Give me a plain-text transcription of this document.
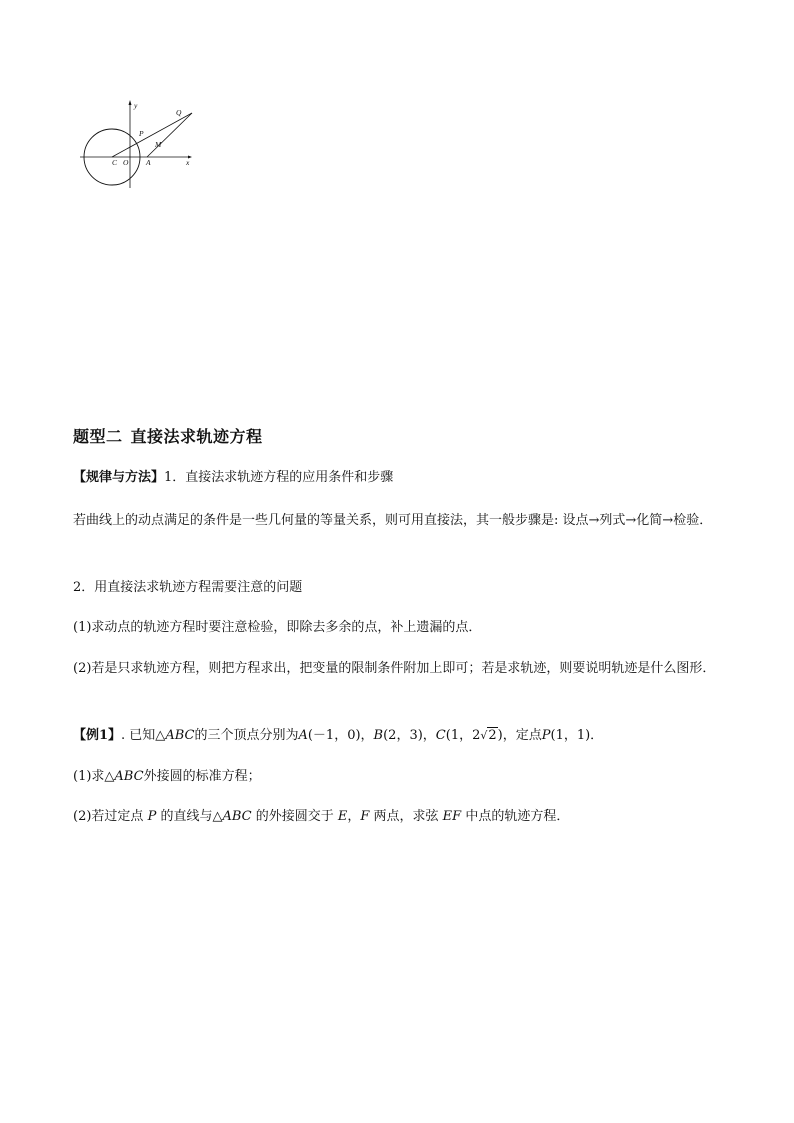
y
x
Q
P
M
C O A
题型二 直接法求轨迹方程
【规律与方法】1．直接法求轨迹方程的应用条件和步骤
若曲线上的动点满足的条件是一些几何量的等量关系，则可用直接法，其一般步骤是: 设点→列式→化简→检验．
2．用直接法求轨迹方程需要注意的问题
(1)求动点的轨迹方程时要注意检验，即除去多余的点，补上遗漏的点．
(2)若是只求轨迹方程，则把方程求出，把变量的限制条件附加上即可；若是求轨迹，则要说明轨迹是什么图形．
【例1】. 已知△ABC的三个顶点分别为A(－1，0)，B(2，3)，C(1，2√2)，定点P(1，1)．
(1)求△ABC外接圆的标准方程；
(2)若过定点 P 的直线与△ABC 的外接圆交于 E，F 两点，求弦 EF 中点的轨迹方程．
